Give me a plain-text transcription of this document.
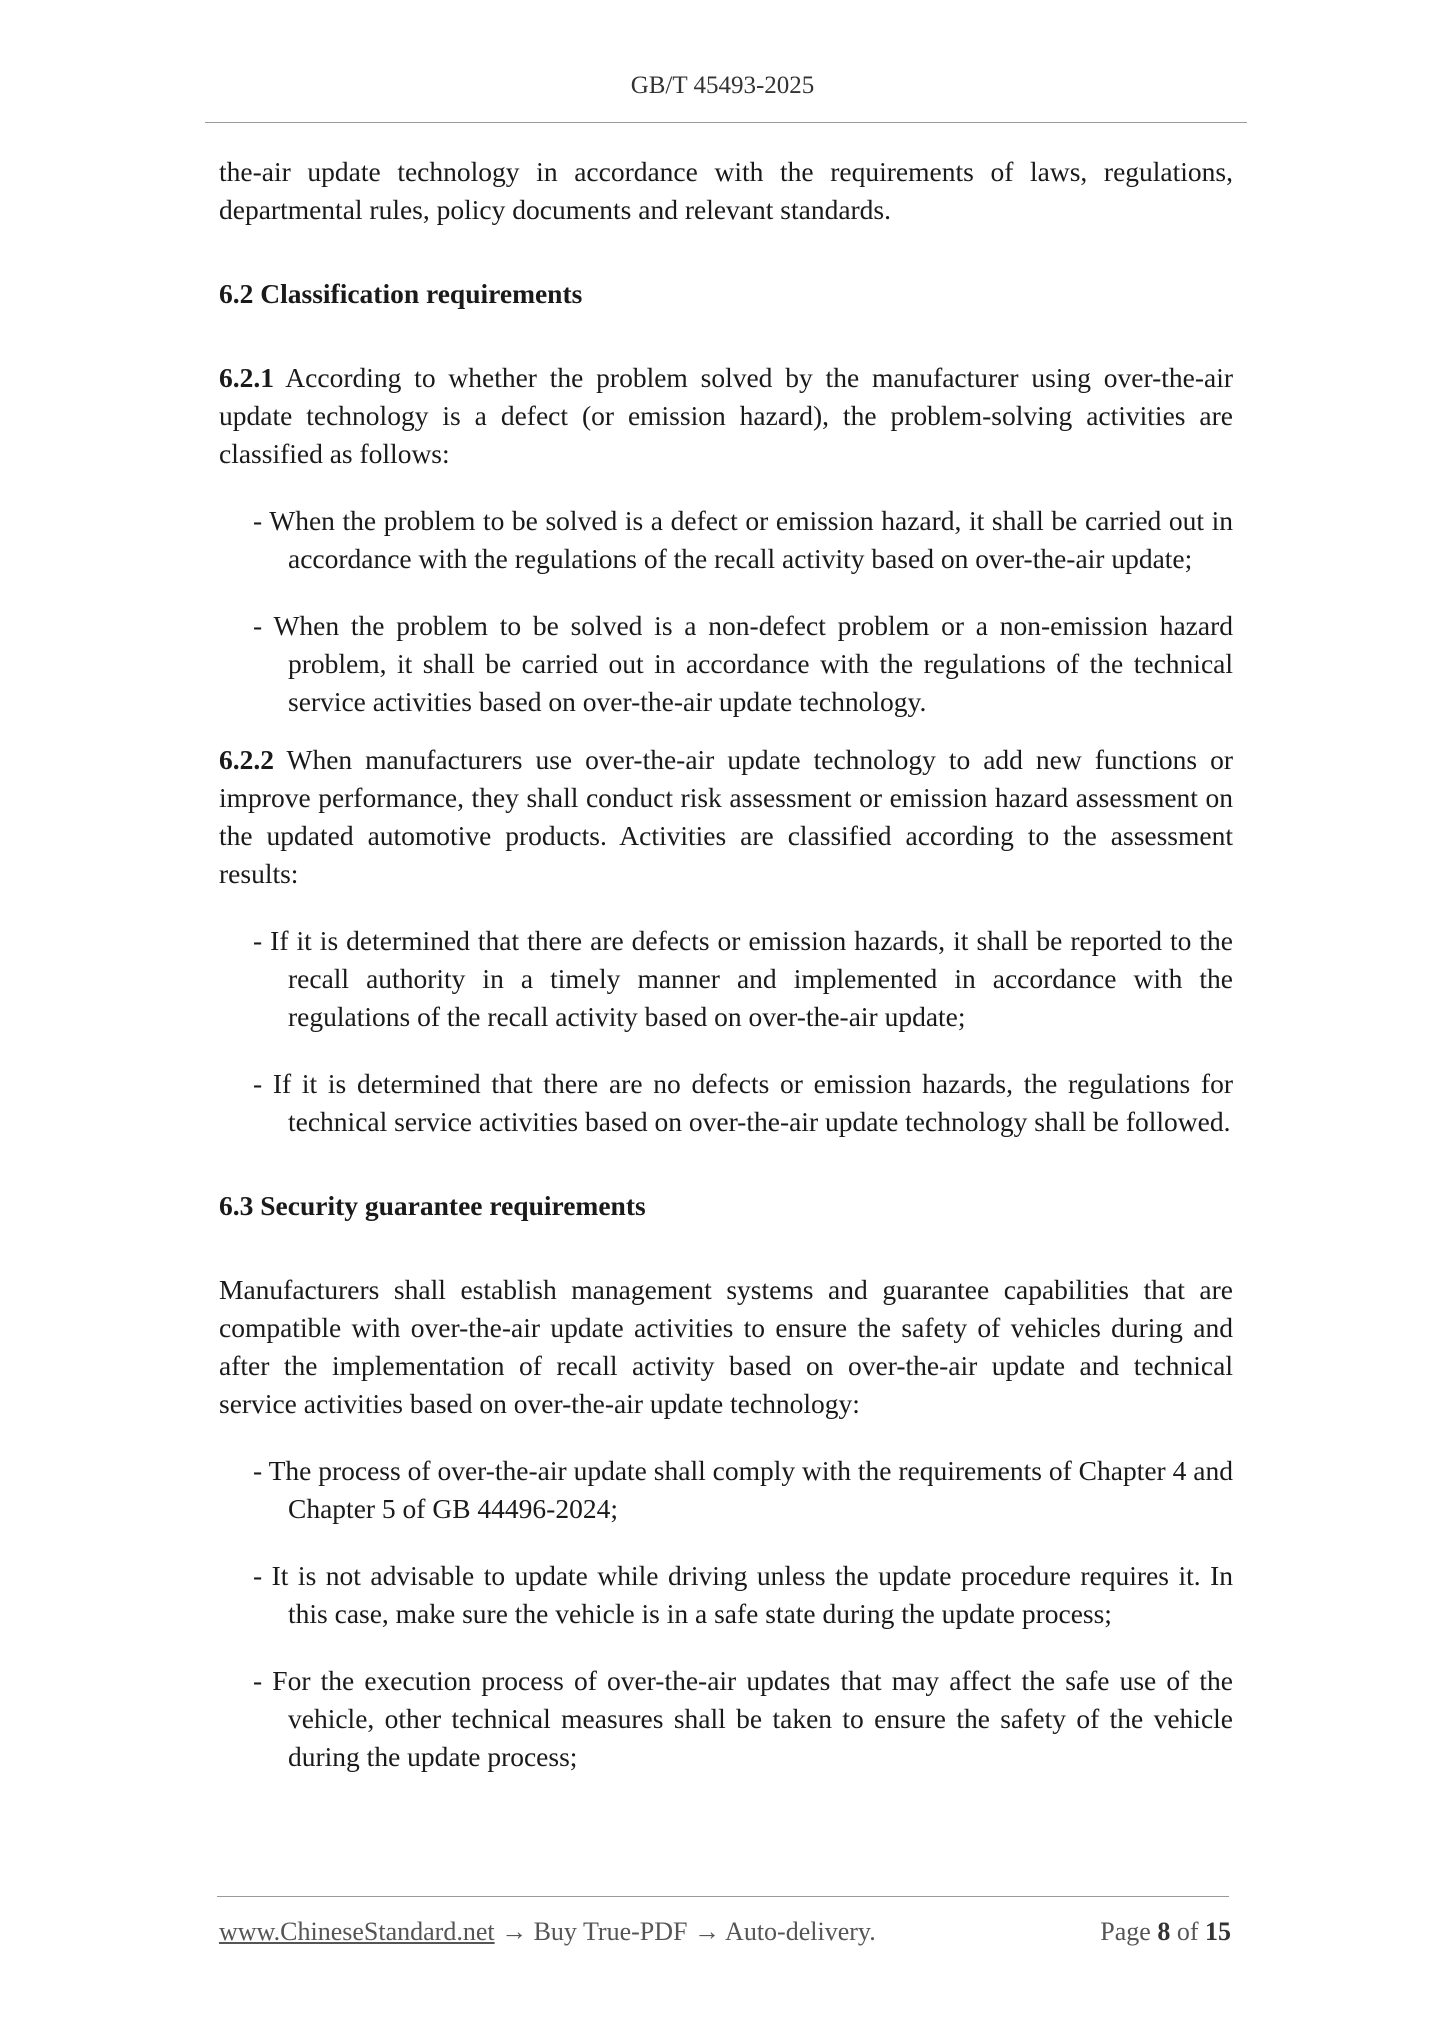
GB/T 45493-2025

the-air update technology in accordance with the requirements of laws, regulations, departmental rules, policy documents and relevant standards.

6.2 Classification requirements

6.2.1 According to whether the problem solved by the manufacturer using over-the-air update technology is a defect (or emission hazard), the problem-solving activities are classified as follows:

- When the problem to be solved is a defect or emission hazard, it shall be carried out in accordance with the regulations of the recall activity based on over-the-air update;

- When the problem to be solved is a non-defect problem or a non-emission hazard problem, it shall be carried out in accordance with the regulations of the technical service activities based on over-the-air update technology.

6.2.2 When manufacturers use over-the-air update technology to add new functions or improve performance, they shall conduct risk assessment or emission hazard assessment on the updated automotive products. Activities are classified according to the assessment results:

- If it is determined that there are defects or emission hazards, it shall be reported to the recall authority in a timely manner and implemented in accordance with the regulations of the recall activity based on over-the-air update;

- If it is determined that there are no defects or emission hazards, the regulations for technical service activities based on over-the-air update technology shall be followed.

6.3 Security guarantee requirements

Manufacturers shall establish management systems and guarantee capabilities that are compatible with over-the-air update activities to ensure the safety of vehicles during and after the implementation of recall activity based on over-the-air update and technical service activities based on over-the-air update technology:

- The process of over-the-air update shall comply with the requirements of Chapter 4 and Chapter 5 of GB 44496-2024;

- It is not advisable to update while driving unless the update procedure requires it. In this case, make sure the vehicle is in a safe state during the update process;

- For the execution process of over-the-air updates that may affect the safe use of the vehicle, other technical measures shall be taken to ensure the safety of the vehicle during the update process;

www.ChineseStandard.net → Buy True-PDF → Auto-delivery.	Page 8 of 15
